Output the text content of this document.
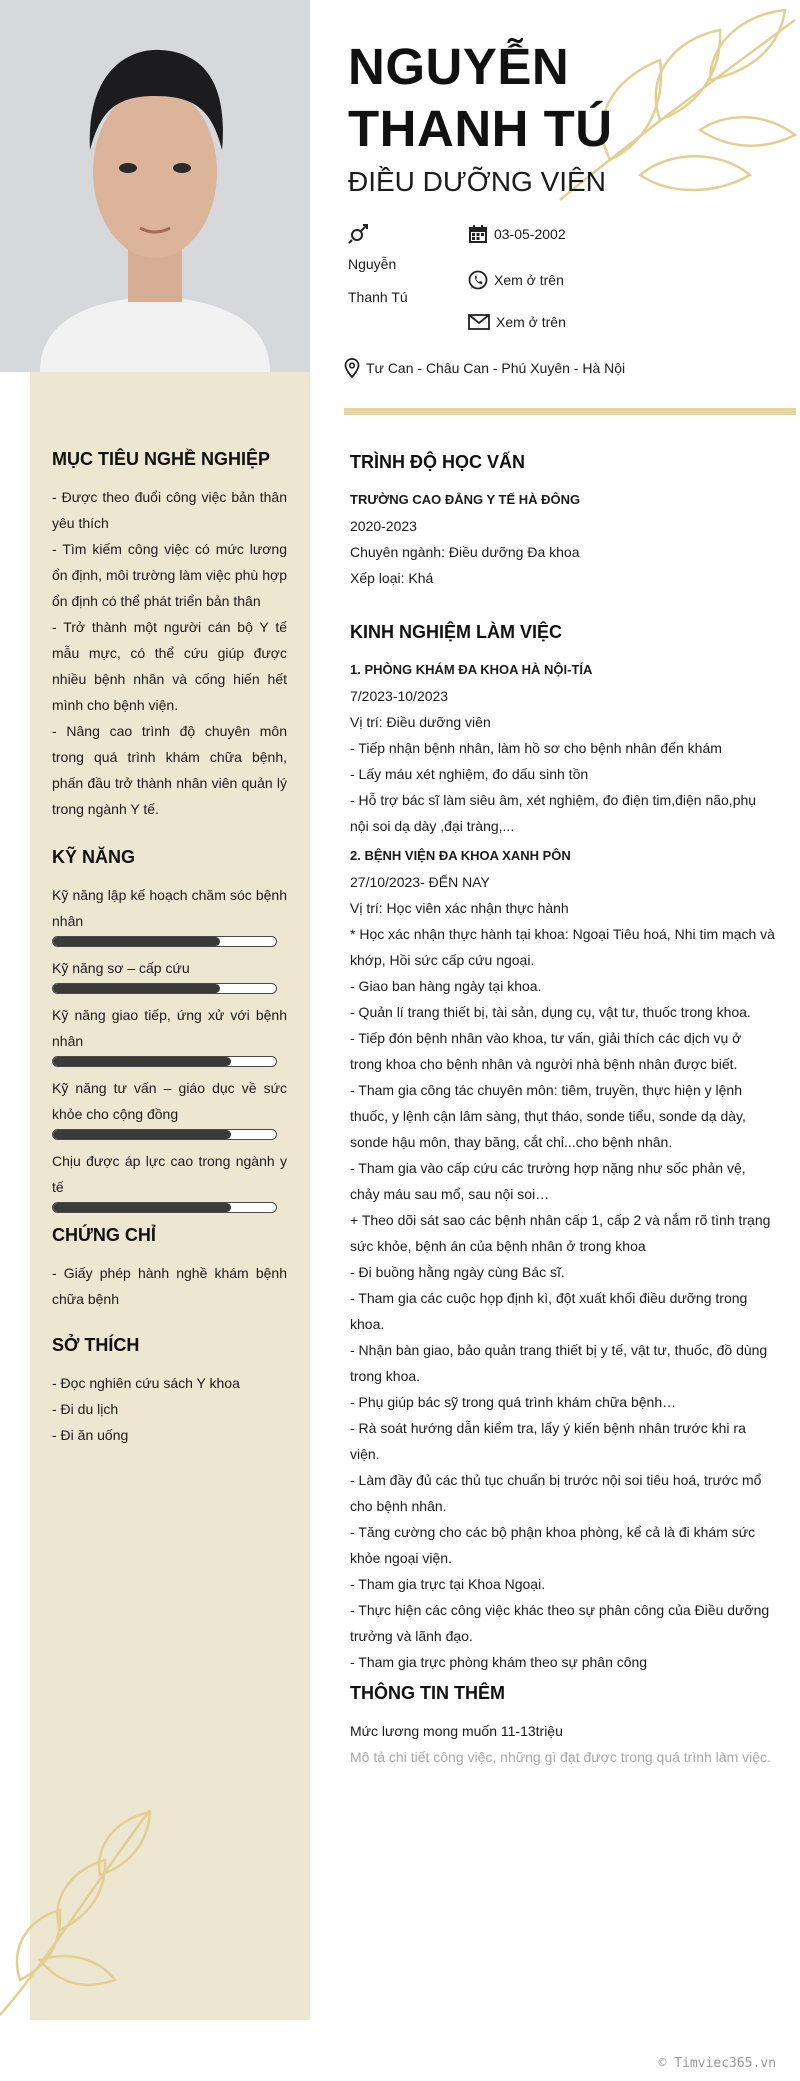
NGUYỄN THANH TÚ
ĐIỀU DƯỠNG VIÊN
Nguyễn Thanh Tú
03-05-2002
Xem ở trên
Xem ở trên
Tư Can - Châu Can - Phú Xuyên - Hà Nội
MỤC TIÊU NGHỀ NGHIỆP
- Được theo đuổi công việc bản thân yêu thích
- Tìm kiếm công việc có mức lương ổn định, môi trường làm việc phù hợp ổn định có thể phát triển bản thân
- Trở thành một người cán bộ Y tế mẫu mực, có thể cứu giúp được nhiều bệnh nhân và cống hiến hết mình cho bệnh viện.
- Nâng cao trình độ chuyên môn trong quá trình khám chữa bệnh, phấn đầu trở thành nhân viên quản lý trong ngành Y tế.
KỸ NĂNG
Kỹ năng lập kế hoạch chăm sóc bệnh nhân
Kỹ năng sơ – cấp cứu
Kỹ năng giao tiếp, ứng xử với bệnh nhân
Kỹ năng tư vấn – giáo dục về sức khỏe cho cộng đồng
Chịu được áp lực cao trong ngành y tế
CHỨNG CHỈ
- Giấy phép hành nghề khám bệnh chữa bệnh
SỞ THÍCH
- Đọc nghiên cứu sách Y khoa
- Đi du lịch
- Đi ăn uống
TRÌNH ĐỘ HỌC VẤN
TRƯỜNG CAO ĐẲNG Y TẾ HÀ ĐÔNG
2020-2023
Chuyên ngành: Điều dưỡng Đa khoa
Xếp loại: Khá
KINH NGHIỆM LÀM VIỆC
1. PHÒNG KHÁM ĐA KHOA HÀ NỘI-TÍA
7/2023-10/2023
Vị trí: Điều dưỡng viên
- Tiếp nhận bệnh nhân, làm hồ sơ cho bệnh nhân đến khám
- Lấy máu xét nghiệm, đo dấu sinh tồn
- Hỗ trợ bác sĩ làm siêu âm, xét nghiệm, đo điện tim,điện não,phụ nội soi dạ dày ,đại tràng,...
2. BỆNH VIỆN ĐA KHOA XANH PÔN
27/10/2023- ĐẾN NAY
Vị trí: Học viên xác nhận thực hành
* Học xác nhận thực hành tại khoa: Ngoại Tiêu hoá, Nhi tim mạch và khớp, Hồi sức cấp cứu ngoại.
- Giao ban hàng ngày tại khoa.
- Quản lí trang thiết bị, tài sản, dụng cụ, vật tư, thuốc trong khoa.
- Tiếp đón bệnh nhân vào khoa, tư vấn, giải thích các dịch vụ ở trong khoa cho bệnh nhân và người nhà bệnh nhân được biết.
- Tham gia công tác chuyên môn: tiêm, truyền, thực hiện y lệnh thuốc, y lệnh cận lâm sàng, thụt tháo, sonde tiểu, sonde dạ dày, sonde hậu môn, thay băng, cắt chỉ...cho bệnh nhân.
- Tham gia vào cấp cứu các trường hợp nặng như sốc phản vệ, chảy máu sau mổ, sau nội soi…
+ Theo dõi sát sao các bệnh nhân cấp 1, cấp 2 và nắm rõ tình trạng sức khỏe, bệnh án của bệnh nhân ở trong khoa
- Đi buồng hằng ngày cùng Bác sĩ.
- Tham gia các cuộc họp định kì, đột xuất khối điều dưỡng trong khoa.
- Nhận bàn giao, bảo quản trang thiết bị y tế, vật tư, thuốc, đồ dùng trong khoa.
- Phụ giúp bác sỹ trong quá trình khám chữa bệnh…
- Rà soát hướng dẫn kiểm tra, lấy ý kiến bệnh nhân trước khi ra viện.
- Làm đầy đủ các thủ tục chuẩn bị trước nội soi tiêu hoá, trước mổ cho bệnh nhân.
- Tăng cường cho các bộ phận khoa phòng, kể cả là đi khám sức khỏe ngoại viện.
- Tham gia trực tại Khoa Ngoại.
- Thực hiện các công việc khác theo sự phân công của Điều dưỡng trưởng và lãnh đạo.
- Tham gia trực phòng khám theo sự phân công
THÔNG TIN THÊM
Mức lương mong muốn 11-13triệu
Mô tả chi tiết công việc, những gì đạt được trong quá trình làm việc.
© Timviec365.vn
